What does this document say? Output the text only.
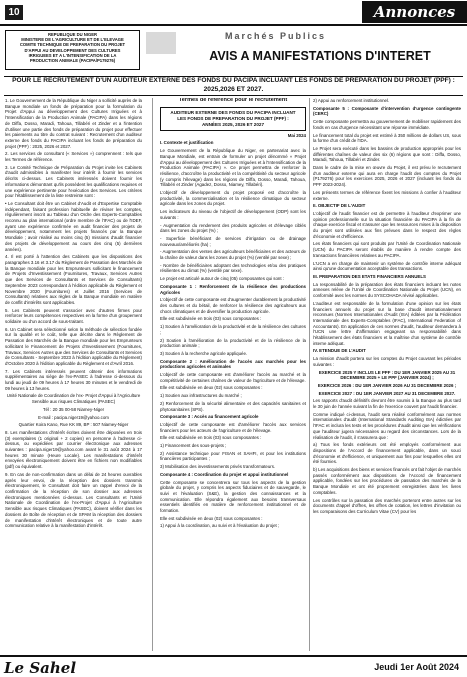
10	Annonces
REPUBLIQUE DU NIGER
MINISTERE DE L'AGRICULTURE ET DE L'ELEVAGE
COMITE TECHNIQUE DE PREPARATION DU PROJET
D'APPUI AU DEVELOPPEMENT DES CULTURES
IRRIGUEES ET A L'INTENSIFICATION DE LA
PRODUCTION ANIMALE (PACIPA/P179276)
Marchés Publics
AVIS A MANIFESTATIONS D'INTERET
POUR LE RECRUTEMENT D'UN AUDITEUR EXTERNE DES FONDS DU PACIPA INCLUANT LES FONDS DE PREPARATION DU PROJET (PPF) : 2025,2026 ET 2027.

1. Le Gouvernement de la République du Niger a sollicité auprès de la Banque mondiale un fonds de préparation pour la formulation du Projet d'Appui au développement des Cultures Irriguées et à l'Intensification de la Production Animale (PACIPA) dans les régions de Diffa, Dosso, Maradi, Tahoua, Tillabéri et Zinder et a l'intention d'utiliser une partie des fonds de préparation du projet pour effectuer les paiements au titre du contrat suivant : Recrutement d'un auditeur externe des fonds du PACIPA incluant les fonds de préparation du projet (PPF) : 2025, 2026 et 2027.

2. Les services de consultant (« Services ») comprennent : tels que les Termes de référence.

3. Le Comité Technique de Préparation du Projet invite les Cabinets d'audit admissibles à manifester leur intérêt à fournir les services décrits ci-dessus. Les Cabinets intéressés doivent fournir les informations démontrant qu'ils possèdent les qualifications requises et une expérience pertinente pour l'exécution des Services. Les critères pour l'établissement de la liste restreinte sont :

• Le Consultant doit être un Cabinet d'Audit et d'Expertise Comptable indépendant, faisant profession habituelle de réviser les comptes, régulièrement inscrit au Tableau d'un Ordre des Experts-Comptables reconnu au plan international (ordre membre de l'IFAC) ou de l'IDEF, ayant une expérience confirmée en audit financier des projets de développement, notamment les projets financés par la Banque Mondiale ; avoir réalisé au moins cinq (5) missions d'audit financier des projets de développement au cours des cinq (5) dernières années).

4. Il est porté à l'attention des Cabinets que les dispositions des paragraphes 3.16 et 3.17 du Règlement de Passation des Marchés de la Banque mondiale pour les Emprunteurs sollicitant le financement de Projets d'Investissement (Fournitures, Travaux, Services Autres que des Services de Consultants et Services de Consultants) Septembre 2023 correspondant à l'édition applicable du Règlement et Novembre 2020 (Fournitures) et Juillet 2016 (Services de Consultants) relatives aux règles de la Banque mondiale en matière de conflit d'intérêts sont applicables.

5. Les Cabinets peuvent s'associer avec d'autres firmes pour renforcer leurs compétences respectives en la forme d'un groupement solidaire ou d'un accord de sous-traitant.

6. Un Cabinet sera sélectionné selon la méthode de sélection fondée sur la qualité et le coût, telle que décrite dans le Règlement de Passation des Marchés de la Banque mondiale pour les Emprunteurs sollicitant le Financement de Projets d'Investissement (Fournitures, Travaux, Services Autres que des Services de Consultants et Services de Consultants - Septembre 2023 à l'édition applicable du Règlement) d'Octobre 2020 à l'édition applicable du Règlement et d'Avril 2016.

7. Les Cabinets intéressés peuvent obtenir des informations supplémentaires au siège de l'ex-PASEC à l'adresse ci-dessous du lundi au jeudi de 09 heures à 17 heures 30 minutes et le vendredi de 09 heures à 13 heures.

Unité Nationale de Coordination de l'ex- Projet d'Appui à l'Agriculture Sensible aux risques Climatiques (PASEC)

Tél : 20 35 00-58 Niamey-Niger

E-mail : pacipa.niger19@yahoo.com

Quartier Koira Kano, Rue KK 89, BP : 507 Niamey-Niger

8. Les manifestations d'intérêt écrites doivent être déposées en trois (3) exemplaires (1 original + 2 copies) en personne à l'adresse ci-dessus, ou expédiées par courrier électronique aux adresses suivantes : pacipa.niger19@yahoo.com avant le 31 août 2024 à 17 heures 30 minute (Heure Locale). Les manifestations d'intérêt envoyées électroniquement doivent être en fichiers non modifiables (pdf) ou équivalent.

9. En cas de non-confirmation dans un délai de 24 heures ouvrables après leur envoi, de la réception des dossiers transmis électroniquement, le Consultant doit faire un rappel d'envoi de la confirmation de la réception de son dossier aux adresses électroniques mentionnées ci-dessus. Les Consultants et l'Unité Nationale de Coordination de l'ex-Projet d'Appui à l'Agriculture Sensible aux risques Climatiques (PASEC), doivent vérifier dans les dossiers de Boîte de réception et de SPAM la réception des dossiers de manifestation d'intérêt électroniques et de toute autre communication relative à la manifestation d'intérêt.

Termes de référence pour le recrutement
AUDITEUR EXTERNE DES FONDS DU PACIPA INCLUANT
LES FONDS DE PREPARATION DU PROJET (PPF) :
ANNÉES 2025, 2026 ET 2027
Mai 2024

I. Contexte et justification

Le Gouvernement de la République du Niger, en partenariat avec la Banque Mondiale, est entrain de formuler un projet dénommé « Projet d'Appui au développement des Cultures Irriguées et à l'Intensification de la Production Animale (PACIPA) ». Ce projet permettra de renforcer la résilience, d'accroître la productivité et la compétitivité du secteur agricole (y compris l'élevage) dans les régions de Diffa, Dosso, Maradi, Tahoua, Tillabéri et Zinder (Agadez, Dosso, Niamey, Tillabéri).

L'objectif de développement du projet proposé est d'accroître la productivité, la commercialisation et la résilience climatique du secteur agricole dans les zones du projet.

Les indicateurs du niveau de l'objectif de développement (ODP) sont les suivants :

- Augmentation du rendement des produits agricoles et d'élevage ciblés dans les zones du projet (%) ;

- Superficie bénéficiant de services d'irrigation ou de drainage nouveaux/améliorés (ha) ;

- Augmentation des ventes des agriculteurs bénéficiaires et des acteurs de la chaîne de valeur dans les zones du projet (%) (ventilé par sexe) ;

- Nombre de bénéficiaires adoptant des technologies et/ou des pratiques résilientes au climat (%) (ventilé par sexe).

Le projet est articulé autour de cinq (05) composantes qui sont :

Composante 1 : Renforcement de la résilience des productions Agricoles

L'objectif de cette composante est d'augmenter durablement la productivité des cultures et du bétail, de renforcer la résilience des agriculteurs aux chocs climatiques et de diversifier la production agricole.

Elle est subdivisée en trois (03) sous composantes :

1) Soutien à l'amélioration de la productivité et de la résilience des cultures ;

2) Soutien à l'amélioration de la productivité et de la résilience de la production animale ;

3) Soutien à la recherche agricole appliquée.

Composante 2 : Amélioration de l'accès aux marchés pour les productions agricoles et animales

L'objectif de cette composante est d'améliorer l'accès au marché et la compétitivité de certaines chaînes de valeur de l'agriculture et de l'élevage.

Elle est subdivisée en deux (02) sous composantes :

1) Soutien aux infrastructures du marché ;

2) Renforcement de la sécurité alimentaire et des capacités sanitaires et phytosanitaires (SPS).

Composante 3 : Accès au financement agricole

L'objectif de cette composante est d'améliorer l'accès aux services financiers pour les acteurs de l'agriculture et de l'élevage.

Elle est subdivisée en trois (03) sous composantes :

1) Financement des sous-projets ;

2) Assistance technique pour FISAN et SAHFI, et pour les institutions financières participantes ;

3) Mobilisation des investissements privés transformateurs.

Composante 4 : Coordination du projet et appui institutionnel

Cette composante se concentrera sur tous les aspects de la gestion globale du projet, y compris les aspects fiduciaires et de sauvegarde, le suivi et l'évaluation (S&E), la gestion des connaissances et la communication. Elle répondra également aux besoins transversaux essentiels identifiés en matière de renforcement institutionnel et de formation.

Elle est subdivisée en deux (02) sous composantes :

1) Appui à la coordination, au suivi et à l'évaluation du projet ;

2) Appui au renforcement institutionnel.

Composante 5 : Composante d'intervention d'urgence contingente (CERC)

Cette composante permettra au gouvernement de mobiliser rapidement des fonds en cas d'urgence nécessitant une réponse immédiate.

Le financement total du projet est estimé à 350 millions de dollars US, sous la forme d'un crédit de l'IDA.

Le Projet sera exécuté dans les bassins de production appropriés pour les différentes chaînes de valeur des six (6) régions que sont : Diffa, Dosso, Maradi, Tahoua, Tillabéri et Zinder.

Dans le cadre de la mise en œuvre du Projet, il est prévu le recrutement d'un auditeur externe qui aura en charge l'audit des comptes du Projet (P179276) pour les exercices 2025, 2026 et 2027 (incluant les fonds du PPF 2023-2024).

Les présents termes de référence fixent les missions à confier à l'auditeur externe.

II. OBJECTIF DE L'AUDIT

L'objectif de l'audit financier est de permettre à l'auditeur d'exprimer une opinion professionnelle sur la situation financière du PACIPA à la fin de chaque exercice fiscal et s'assurer que les ressources mises à la disposition du projet sont utilisées aux fins prévues dans le respect des règles d'économie et d'efficience.

Les états financiers qui sont produits par l'Unité de Coordination Nationale (UCN) du PACIPA seront établis de manière à rendre compte des transactions financières relatives au PACIPA.

L'UCN a en charge de maintenir un système de contrôle interne adéquat ainsi qu'une documentation acceptable des transactions.

III. PREPARATION DES ETATS FINANCIERS ANNUELS

La responsabilité de la préparation des états financiers incluant les notes annexes relève de l'Unité de Coordination Nationale du Projet (UCN), en conformité avec les normes du SYSCOHADA révisé applicables.

L'auditeur est responsable de la formulation d'une opinion sur les états financiers annuels du projet sur la base d'audit internationalement reconnues (Normes Internationales d'Audit (ISA) éditées par la Fédération Internationale des Experts-Comptables (IFAC), International Federation of Accountants). En application de ces normes d'audit, l'auditeur demandera à l'UCN une lettre d'affirmation engageant sa responsabilité dans l'établissement des états financiers et la maîtrise d'un système de contrôle interne adéquat.

IV. ETENDUE DE L'AUDIT

La mission d'audit portera sur les comptes du Projet couvrant les périodes suivantes :

EXERCICE 2025 Y INCLUS LE PPF : DU 1ER JANVIER 2025 AU 31 DECEMBRE 2025 + LE PPF (JANVIER 2024) ;

EXERCICE 2026 : DU 1ER JANVIER 2026 AU 31 DECEMBRE 2026 ;

EXERCICE 2027 : DU 1ER JANVIER 2027 AU 31 DECEMBRE 2027.

Les rapports d'audit définitifs devront être soumis à la Banque au plus tard le 30 juin de l'année suivant la fin de l'exercice couvert par l'audit financier.

Comme indiqué ci-dessus, l'audit sera réalisé conformément aux normes internationales d'audit (International Standards Auditing ISA) édictées par l'IFAC et inclura les tests et les procédures d'audit ainsi que les vérifications que l'auditeur jugera nécessaires au regard des circonstances. Lors de la réalisation de l'audit, il s'assurera que :

a) Tous les fonds extérieurs ont été employés conformément aux dispositions de l'Accord de financement applicable, dans un souci d'économie et d'efficience, et uniquement aux fins pour lesquelles elles ont été fournies.

b) Les acquisitions des biens et services financés ont fait l'objet de marchés passés conformément aux dispositions de l'Accord de financement applicable, fondées sur les procédures de passation des marchés de la Banque Mondiale et ont été proprement enregistrées dans les livres comptables.

Les contrôles sur la passation des marchés porteront entre autres sur les documents d'appel d'offres, les offres de cotation, les lettres d'invitation ou les comparaisons des Curriculum Vitae (CV) pour les

Le Sahel	Jeudi 1er Août 2024
